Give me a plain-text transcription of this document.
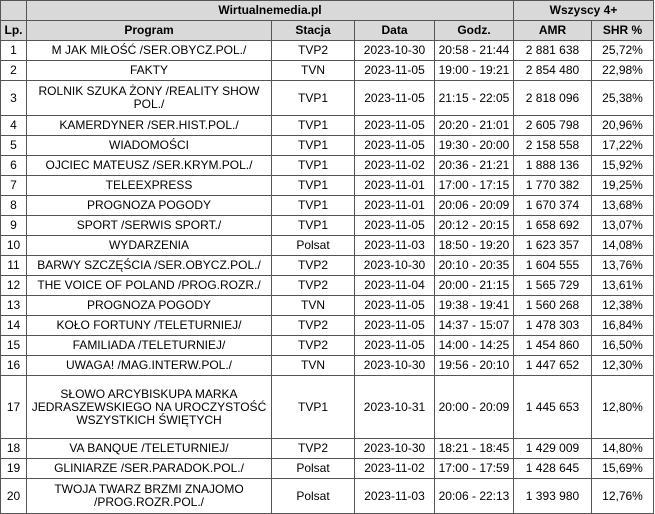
	Wirtualnemedia.pl				Wszyscy 4+	
Lp.	Program	Stacja	Data	Godz.	AMR	SHR %
1	M JAK MIŁOŚĆ /SER.OBYCZ.POL./	TVP2	2023-10-30	20:58 - 21:44	2 881 638	25,72%
2	FAKTY	TVN	2023-11-05	19:00 - 19:21	2 854 480	22,98%
3	ROLNIK SZUKA ŻONY /REALITY SHOW POL./	TVP1	2023-11-05	21:15 - 22:05	2 818 096	25,38%
4	KAMERDYNER /SER.HIST.POL./	TVP1	2023-11-05	20:20 - 21:01	2 605 798	20,96%
5	WIADOMOŚCI	TVP1	2023-11-05	19:30 - 20:00	2 158 558	17,22%
6	OJCIEC MATEUSZ /SER.KRYM.POL./	TVP1	2023-11-02	20:36 - 21:21	1 888 136	15,92%
7	TELEEXPRESS	TVP1	2023-11-01	17:00 - 17:15	1 770 382	19,25%
8	PROGNOZA POGODY	TVP1	2023-11-01	20:06 - 20:09	1 670 374	13,68%
9	SPORT /SERWIS SPORT./	TVP1	2023-11-05	20:12 - 20:15	1 658 692	13,07%
10	WYDARZENIA	Polsat	2023-11-03	18:50 - 19:20	1 623 357	14,08%
11	BARWY SZCZĘŚCIA /SER.OBYCZ.POL./	TVP2	2023-10-30	20:10 - 20:35	1 604 555	13,76%
12	THE VOICE OF POLAND /PROG.ROZR./	TVP2	2023-11-04	20:00 - 21:15	1 565 729	13,61%
13	PROGNOZA POGODY	TVN	2023-11-05	19:38 - 19:41	1 560 268	12,38%
14	KOŁO FORTUNY /TELETURNIEJ/	TVP2	2023-11-05	14:37 - 15:07	1 478 303	16,84%
15	FAMILIADA /TELETURNIEJ/	TVP2	2023-11-05	14:00 - 14:25	1 454 860	16,50%
16	UWAGA! /MAG.INTERW.POL./	TVN	2023-10-30	19:56 - 20:10	1 447 652	12,30%
17	SŁOWO ARCYBISKUPA MARKA JEDRASZEWSKIEGO NA UROCZYSTOŚĆ WSZYSTKICH ŚWIĘTYCH	TVP1	2023-10-31	20:00 - 20:09	1 445 653	12,80%
18	VA BANQUE /TELETURNIEJ/	TVP2	2023-10-30	18:21 - 18:45	1 429 009	14,80%
19	GLINIARZE /SER.PARADOK.POL./	Polsat	2023-11-02	17:00 - 17:59	1 428 645	15,69%
20	TWOJA TWARZ BRZMI ZNAJOMO /PROG.ROZR.POL./	Polsat	2023-11-03	20:06 - 22:13	1 393 980	12,76%
